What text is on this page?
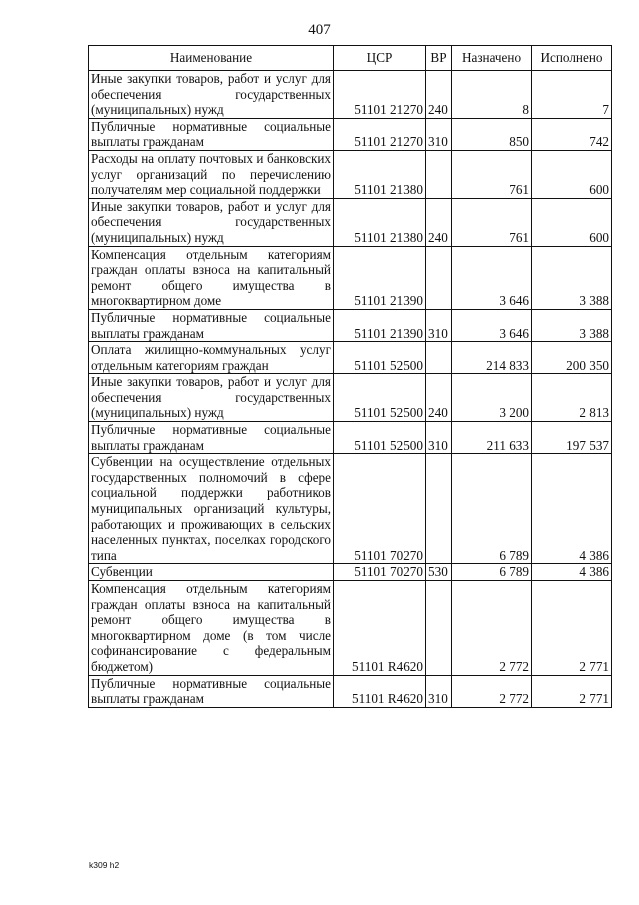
407
Наименование	ЦСР	ВР	Назначено	Исполнено
Иные закупки товаров, работ и услуг для обеспечения государственных (муниципальных) нужд	51101 21270	240	8	7
Публичные нормативные социальные выплаты гражданам	51101 21270	310	850	742
Расходы на оплату почтовых и банковских услуг организаций по перечислению получателям мер социальной поддержки	51101 21380		761	600
Иные закупки товаров, работ и услуг для обеспечения государственных (муниципальных) нужд	51101 21380	240	761	600
Компенсация отдельным категориям граждан оплаты взноса на капитальный ремонт общего имущества в многоквартирном доме	51101 21390		3 646	3 388
Публичные нормативные социальные выплаты гражданам	51101 21390	310	3 646	3 388
Оплата жилищно-коммунальных услуг отдельным категориям граждан	51101 52500		214 833	200 350
Иные закупки товаров, работ и услуг для обеспечения государственных (муниципальных) нужд	51101 52500	240	3 200	2 813
Публичные нормативные социальные выплаты гражданам	51101 52500	310	211 633	197 537
Субвенции на осуществление отдельных государственных полномочий в сфере социальной поддержки работников муниципальных организаций культуры, работающих и проживающих в сельских населенных пунктах, поселках городского типа	51101 70270		6 789	4 386
Субвенции	51101 70270	530	6 789	4 386
Компенсация отдельным категориям граждан оплаты взноса на капитальный ремонт общего имущества в многоквартирном доме (в том числе софинансирование с федеральным бюджетом)	51101 R4620		2 772	2 771
Публичные нормативные социальные выплаты гражданам	51101 R4620	310	2 772	2 771
k309 h2
